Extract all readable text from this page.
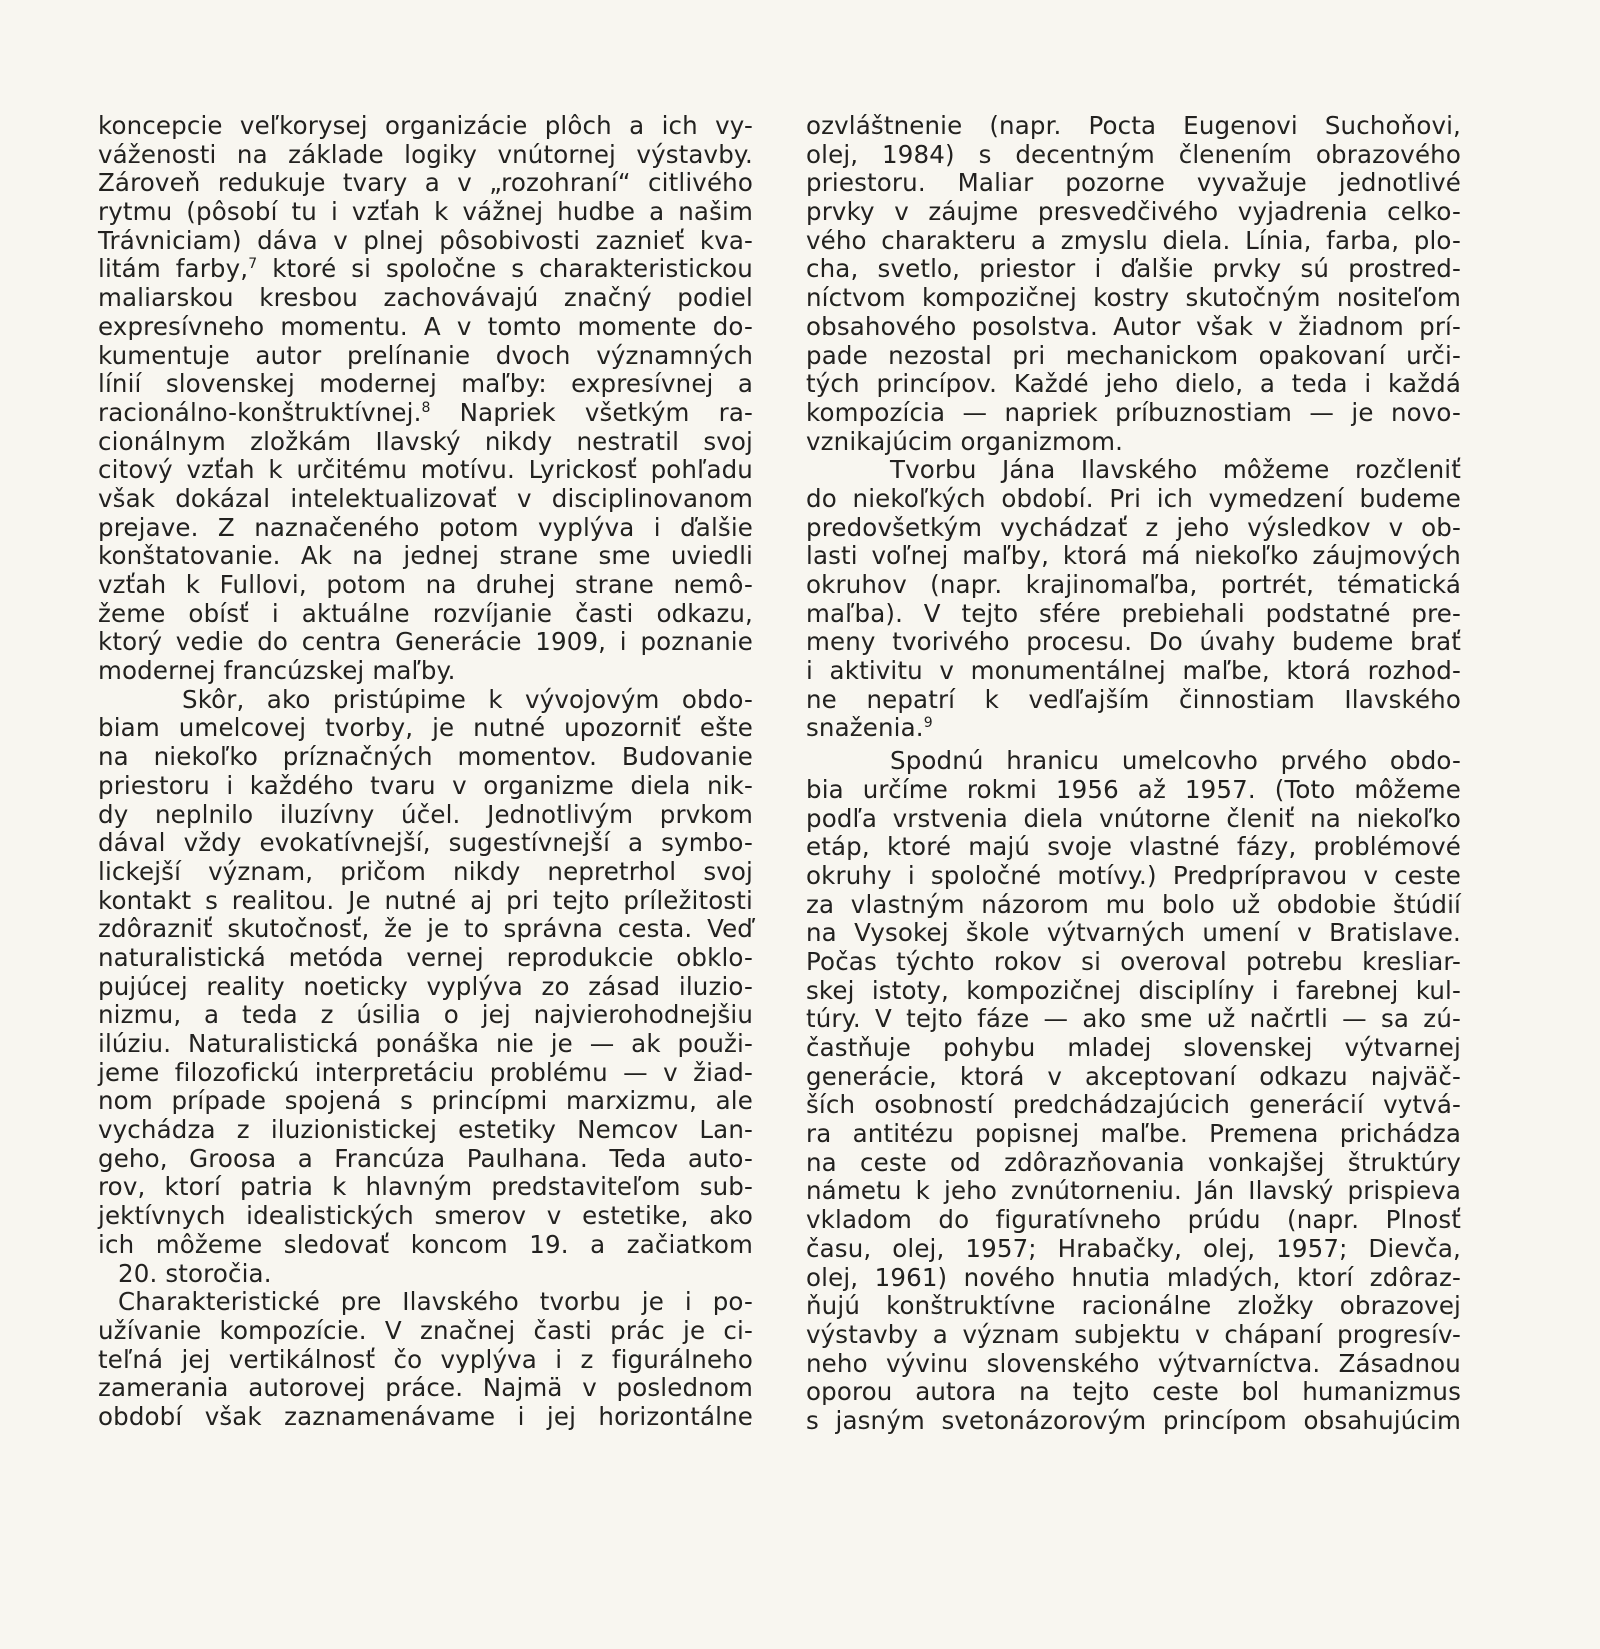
koncepcie veľkorysej organizácie plôch a ich vy-
váženosti na základe logiky vnútornej výstavby.
Zároveň redukuje tvary a v „rozohraní“ citlivého
rytmu (pôsobí tu i vzťah k vážnej hudbe a našim
Trávniciam) dáva v plnej pôsobivosti zaznieť kva-
litám farby,$^7$ ktoré si spoločne s charakteristickou
maliarskou kresbou zachovávajú značný podiel
expresívneho momentu. A v tomto momente do-
kumentuje autor prelínanie dvoch významných
línií slovenskej modernej maľby: expresívnej a
racionálno-konštruktívnej.$^8$ Napriek všetkým ra-
cionálnym zložkám Ilavský nikdy nestratil svoj
citový vzťah k určitému motívu. Lyrickosť pohľadu
však dokázal intelektualizovať v disciplinovanom
prejave. Z naznačeného potom vyplýva i ďalšie
konštatovanie. Ak na jednej strane sme uviedli
vzťah k Fullovi, potom na druhej strane nemô-
žeme obísť i aktuálne rozvíjanie časti odkazu,
ktorý vedie do centra Generácie 1909, i poznanie
modernej francúzskej maľby.
Skôr, ako pristúpime k vývojovým obdo-
biam umelcovej tvorby, je nutné upozorniť ešte
na niekoľko príznačných momentov. Budovanie
priestoru i každého tvaru v organizme diela nik-
dy neplnilo iluzívny účel. Jednotlivým prvkom
dával vždy evokatívnejší, sugestívnejší a symbo-
lickejší význam, pričom nikdy nepretrhol svoj
kontakt s realitou. Je nutné aj pri tejto príležitosti
zdôrazniť skutočnosť, že je to správna cesta. Veď
naturalistická metóda vernej reprodukcie obklo-
pujúcej reality noeticky vyplýva zo zásad iluzio-
nizmu, a teda z úsilia o jej najvierohodnejšiu
ilúziu. Naturalistická ponáška nie je — ak použi-
jeme filozofickú interpretáciu problému — v žiad-
nom prípade spojená s princípmi marxizmu, ale
vychádza z iluzionistickej estetiky Nemcov Lan-
geho, Groosa a Francúza Paulhana. Teda auto-
rov, ktorí patria k hlavným predstaviteľom sub-
jektívnych idealistických smerov v estetike, ako
ich môžeme sledovať koncom 19. a začiatkom
20. storočia.
Charakteristické pre Ilavského tvorbu je i po-
užívanie kompozície. V značnej časti prác je ci-
teľná jej vertikálnosť čo vyplýva i z figurálneho
zamerania autorovej práce. Najmä v poslednom
období však zaznamenávame i jej horizontálne
ozvláštnenie (napr. Pocta Eugenovi Suchoňovi,
olej, 1984) s decentným členením obrazového
priestoru. Maliar pozorne vyvažuje jednotlivé
prvky v záujme presvedčivého vyjadrenia celko-
vého charakteru a zmyslu diela. Línia, farba, plo-
cha, svetlo, priestor i ďalšie prvky sú prostred-
níctvom kompozičnej kostry skutočným nositeľom
obsahového posolstva. Autor však v žiadnom prí-
pade nezostal pri mechanickom opakovaní urči-
tých princípov. Každé jeho dielo, a teda i každá
kompozícia — napriek príbuznostiam — je novo-
vznikajúcim organizmom.
Tvorbu Jána Ilavského môžeme rozčleniť
do niekoľkých období. Pri ich vymedzení budeme
predovšetkým vychádzať z jeho výsledkov v ob-
lasti voľnej maľby, ktorá má niekoľko záujmových
okruhov (napr. krajinomaľba, portrét, tématická
maľba). V tejto sfére prebiehali podstatné pre-
meny tvorivého procesu. Do úvahy budeme brať
i aktivitu v monumentálnej maľbe, ktorá rozhod-
ne nepatrí k vedľajším činnostiam Ilavského
snaženia.$^9$
Spodnú hranicu umelcovho prvého obdo-
bia určíme rokmi 1956 až 1957. (Toto môžeme
podľa vrstvenia diela vnútorne členiť na niekoľko
etáp, ktoré majú svoje vlastné fázy, problémové
okruhy i spoločné motívy.) Predprípravou v ceste
za vlastným názorom mu bolo už obdobie štúdií
na Vysokej škole výtvarných umení v Bratislave.
Počas týchto rokov si overoval potrebu kresliar-
skej istoty, kompozičnej disciplíny i farebnej kul-
túry. V tejto fáze — ako sme už načrtli — sa zú-
častňuje pohybu mladej slovenskej výtvarnej
generácie, ktorá v akceptovaní odkazu najväč-
ších osobností predchádzajúcich generácií vytvá-
ra antitézu popisnej maľbe. Premena prichádza
na ceste od zdôrazňovania vonkajšej štruktúry
námetu k jeho zvnútorneniu. Ján Ilavský prispieva
vkladom do figuratívneho prúdu (napr. Plnosť
času, olej, 1957; Hrabačky, olej, 1957; Dievča,
olej, 1961) nového hnutia mladých, ktorí zdôraz-
ňujú konštruktívne racionálne zložky obrazovej
výstavby a význam subjektu v chápaní progresív-
neho vývinu slovenského výtvarníctva. Zásadnou
oporou autora na tejto ceste bol humanizmus
s jasným svetonázorovým princípom obsahujúcim
